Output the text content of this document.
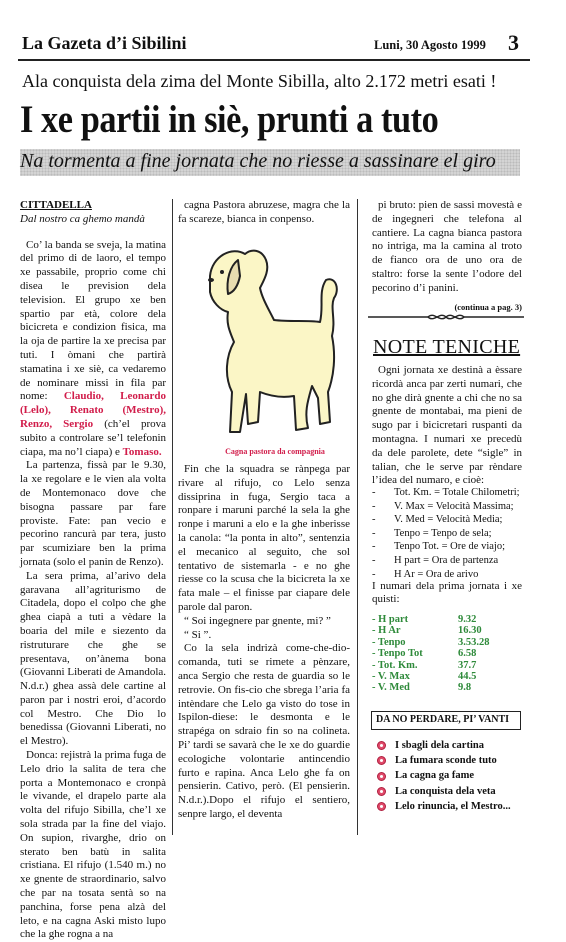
La Gazeta d’i Sibilini	Luni, 30 Agosto 1999 3
Ala conquista dela zima del Monte Sibilla, alto 2.172 metri esati !
I xe partii in siè, prunti a tuto
Na tormenta a fine jornata che no riesse a sassinare el giro
CITTADELLA
Dal nostro ca ghemo mandà

Co’ la banda se sveja, la matina del primo di de laoro, el tempo xe passabile, proprio come chi disea le prevision dela television. El grupo xe ben spartio par età, colore dela bicicreta e condizion fisica, ma la oja de partire la xe precisa par tuti. I òmani che partirà stamatina i xe siè, ca vedaremo de nominare missi in fila par nome: Claudio, Leonardo (Lelo), Renato (Mestro), Renzo, Sergio (ch’el prova subito a controlare se’l telefonin ciapa, ma no’l ciapa) e Tomaso.

La partenza, fissà par le 9.30, la xe regolare e le vien ala volta de Montemonaco dove che bisogna passare par fare proviste. Fate: pan vecio e pecorino rancurà par tera, justo par scumiziare ben la prima jornata (solo el panin de Renzo).

La sera prima, al’arivo dela garavana all’agriturismo de Citadela, dopo el colpo che ghe ghea ciapà a tuti a vèdare la boaria del mile e siezento da ristruturare che ghe se presentava, on’ànema bona (Giovanni Liberati de Amandola. N.d.r.) ghea assà dele cartine al paron par i nostri eroi, d’acordo col Mestro. Che Dio lo benedissa (Giovanni Liberati, no el Mestro).

Donca: rejistrà la prima fuga de Lelo drio la salita de tera che porta a Montemonaco e cronpà le vivande, el drapelo parte ala volta del rifujo Sibilla, che’l xe sola strada par la fine del viajo. On supion, rivarghe, drio on sterato ben batù in salita cristiana. El rifujo (1.540 m.) no xe gnente de straordinario, salvo che par na tosata sentà so na panchina, forse pena alzà del leto, e na cagna Aski misto lupo che la ghe rogna a na

cagna Pastora abruzese, magra che la fa scareze, bianca in conpenso.

Cagna pastora da compagnia

Fin che la squadra se rànpega par rivare al rifujo, co Lelo senza dissiprina in fuga, Sergio taca a ronpare i maruni parché la sela la ghe ronpe i maruni a elo e la ghe inberisse la canola: “la ponta in alto”, sentenzia el mecanico al seguito, che sol tentativo de sistemarla - e no ghe riesse co la scusa che la bicicreta la xe fata male – el finisse par ciapare dele parole dal paron.

“ Soi ingegnere par gnente, mi? ”

“ Si ”.

Co la sela indrizà come-che-dio-comanda, tuti se rimete a pènzare, anca Sergio che resta de guardia so le retrovie. On fis-cio che sbrega l’aria fa intèndare che Lelo ga visto do tose in Ispilon-diese: le desmonta e le strapéga on sdraio fin so na colineta. Pi’ tardi se savarà che le xe do guardie ecologiche volontarie antincendio furto e rapina. Anca Lelo ghe fa on pensierin. Cativo, però. (El pensierin. N.d.r.).Dopo el rifujo el sentiero, senpre largo, el deventa

pi bruto: pien de sassi movestà e de ingegneri che telefona al cantiere. La cagna bianca pastora no intriga, ma la camina al troto de fianco ora de uno ora de staltro: forse la sente l’odore del pecorino d’i panini.

(continua a pag. 3)
NOTE TENICHE

Ogni jornata xe destinà a èssare ricordà anca par zerti numari, che no ghe dirà gnente a chi che no sa gnente de montabai, ma pieni de sugo par i bicicretari ruspanti da montagna. I numari xe precedù da dele parolete, dete “sigle” in talian, che le serve par rèndare l’idea del numaro, e cioè:

-	Tot. Km. = Totale Chilometri;
-	V. Max = Velocità Massima;
-	V. Med = Velocità Media;
-	Tenpo = Tenpo de sela;
-	Tenpo Tot. = Ore de viajo;
-	H part = Ora de partenza
-	H Ar = Ora de arivo
I numari dela prima jornata i xe quisti:
- H part	9.32
- H Ar	16.30
- Tenpo	3.53.28
- Tenpo Tot	6.58
- Tot. Km.	37.7
- V. Max	44.5
- V. Med	9.8
DA NO PERDARE, PI’ VANTI
I sbagli dela cartina
La fumara sconde tuto
La cagna ga fame
La conquista dela veta
Lelo rinuncia, el Mestro...
